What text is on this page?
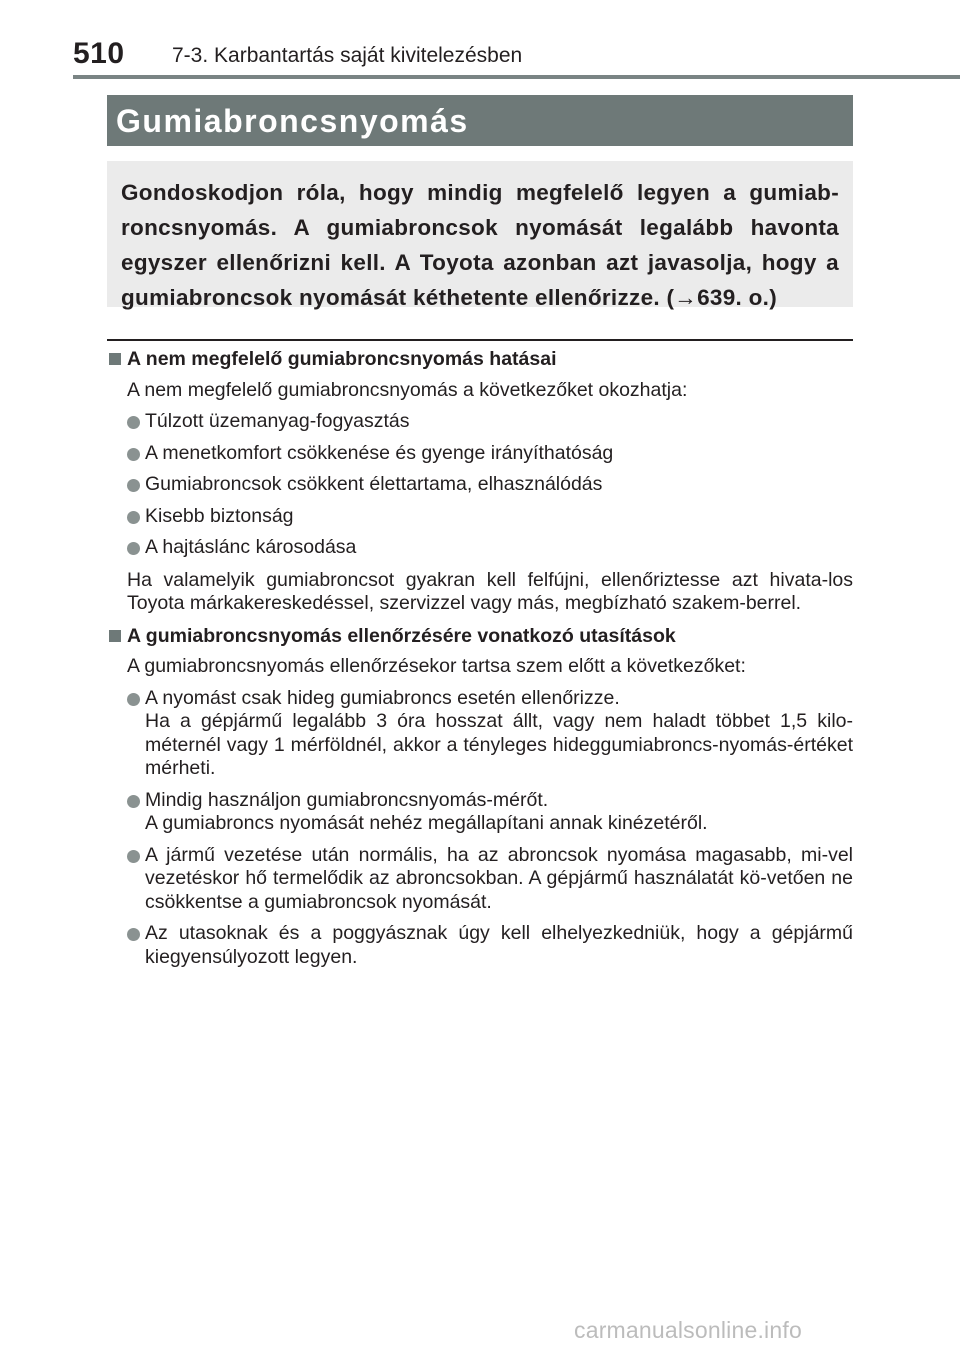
510 7-3. Karbantartás saját kivitelezésben
Gumiabroncsnyomás
Gondoskodjon róla, hogy mindig megfelelő legyen a gumiab-roncsnyomás. A gumiabroncsok nyomását legalább havonta egyszer ellenőrizni kell. A Toyota azonban azt javasolja, hogy a gumiabroncsok nyomását kéthetente ellenőrizze. (→639. o.)
A nem megfelelő gumiabroncsnyomás hatásai
A nem megfelelő gumiabroncsnyomás a következőket okozhatja:
Túlzott üzemanyag-fogyasztás
A menetkomfort csökkenése és gyenge irányíthatóság
Gumiabroncsok csökkent élettartama, elhasználódás
Kisebb biztonság
A hajtáslánc károsodása
Ha valamelyik gumiabroncsot gyakran kell felfújni, ellenőriztesse azt hivata-los Toyota márkakereskedéssel, szervizzel vagy más, megbízható szakem-berrel.
A gumiabroncsnyomás ellenőrzésére vonatkozó utasítások
A gumiabroncsnyomás ellenőrzésekor tartsa szem előtt a következőket:
A nyomást csak hideg gumiabroncs esetén ellenőrizze.
Ha a gépjármű legalább 3 óra hosszat állt, vagy nem haladt többet 1,5 kilo-méternél vagy 1 mérföldnél, akkor a tényleges hideggumiabroncs-nyomás-értéket mérheti.
Mindig használjon gumiabroncsnyomás-mérőt.
A gumiabroncs nyomását nehéz megállapítani annak kinézetéről.
A jármű vezetése után normális, ha az abroncsok nyomása magasabb, mi-vel vezetéskor hő termelődik az abroncsokban. A gépjármű használatát kö-vetően ne csökkentse a gumiabroncsok nyomását.
Az utasoknak és a poggyásznak úgy kell elhelyezkedniük, hogy a gépjármű kiegyensúlyozott legyen.
carmanualsonline.info
